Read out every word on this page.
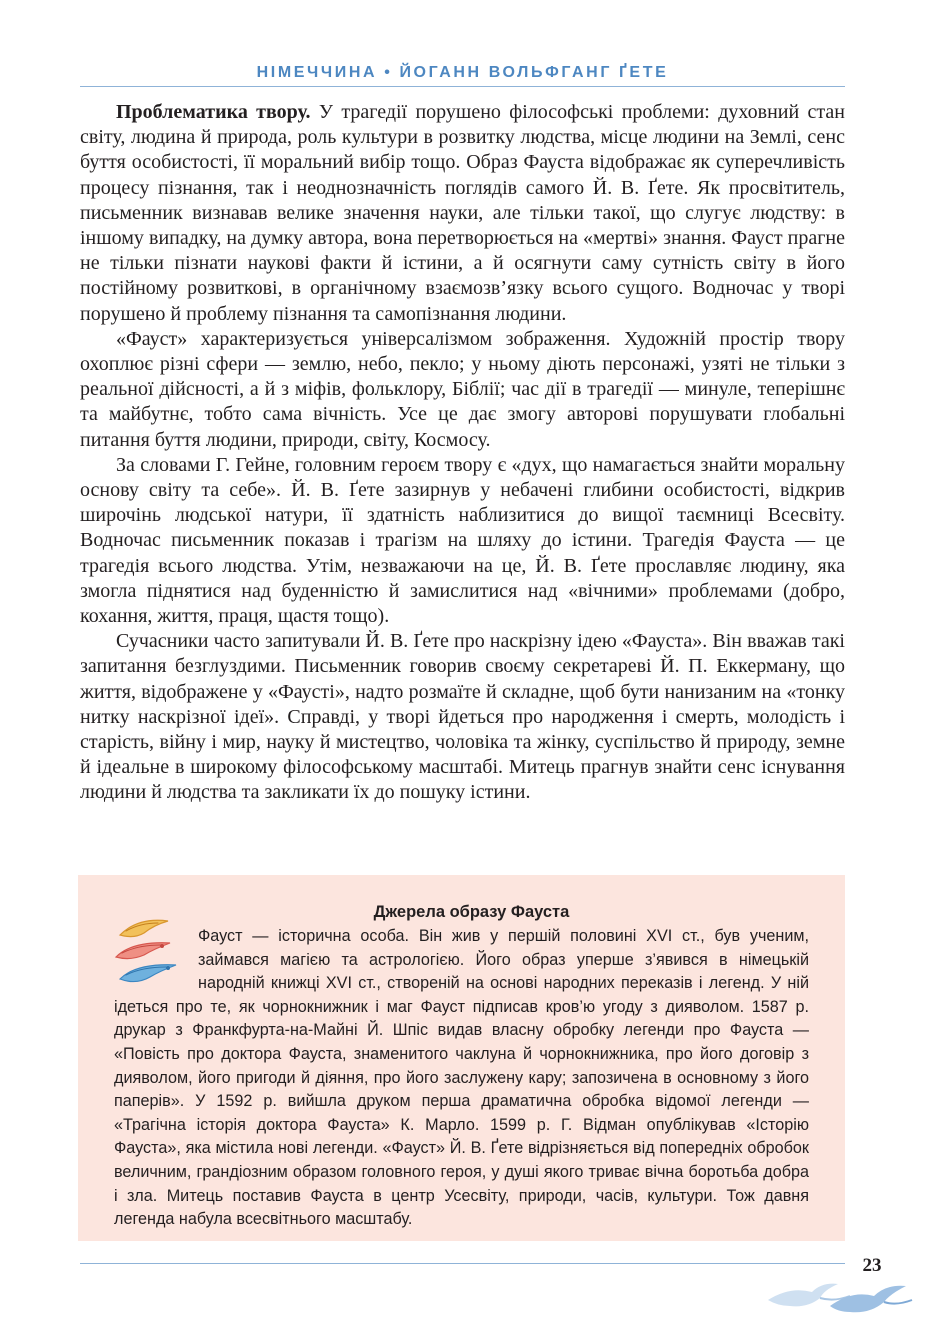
НІМЕЧЧИНА • ЙОГАНН ВОЛЬФГАНГ ҐЕТЕ

Проблематика твору. У трагедії порушено філософські проблеми: духовний стан світу, людина й природа, роль культури в розвитку людства, місце людини на Землі, сенс буття особистості, її моральний вибір тощо. Образ Фауста відображає як суперечливість процесу пізнання, так і неоднозначність поглядів самого Й. В. Ґете. Як просвітитель, письменник визнавав велике значення науки, але тільки такої, що слугує людству: в іншому випадку, на думку автора, вона перетворюється на «мертві» знання. Фауст прагне не тільки пізнати наукові факти й істини, а й осягнути саму сутність світу в його постійному розвиткові, в органічному взаємозв’язку всього сущого. Водночас у творі порушено й проблему пізнання та самопізнання людини.

«Фауст» характеризується універсалізмом зображення. Художній простір твору охоплює різні сфери — землю, небо, пекло; у ньому діють персонажі, узяті не тільки з реальної дійсності, а й з міфів, фольклору, Біблії; час дії в трагедії — минуле, теперішнє та майбутнє, тобто сама вічність. Усе це дає змогу авторові порушувати глобальні питання буття людини, природи, світу, Космосу.

За словами Г. Гейне, головним героєм твору є «дух, що намагається знайти моральну основу світу та себе». Й. В. Ґете зазирнув у небачені глибини особистості, відкрив широчінь людської натури, її здатність наблизитися до вищої таємниці Всесвіту. Водночас письменник показав і трагізм на шляху до істини. Трагедія Фауста — це трагедія всього людства. Утім, незважаючи на це, Й. В. Ґете прославляє людину, яка змогла піднятися над буденністю й замислитися над «вічними» проблемами (добро, кохання, життя, праця, щастя тощо).

Сучасники часто запитували Й. В. Ґете про наскрізну ідею «Фауста». Він вважав такі запитання безглуздими. Письменник говорив своєму секретареві Й. П. Еккерману, що життя, відображене у «Фаусті», надто розмаїте й складне, щоб бути нанизаним на «тонку нитку наскрізної ідеї». Справді, у творі йдеться про народження і смерть, молодість і старість, війну і мир, науку й мистецтво, чоловіка та жінку, суспільство й природу, земне й ідеальне в широкому філософському масштабі. Митець прагнув знайти сенс існування людини й людства та закликати їх до пошуку істини.

Джерела образу Фауста
Фауст — історична особа. Він жив у першій половині XVI ст., був ученим, займався магією та астрологією. Його образ уперше з’явився в німецькій народній книжці XVI ст., створеній на основі народних переказів і легенд. У ній ідеться про те, як чорнокнижник і маг Фауст підписав кров’ю угоду з дияволом. 1587 р. друкар з Франкфурта-на-Майні Й. Шпіс видав власну обробку легенди про Фауста — «Повість про доктора Фауста, знаменитого чаклуна й чорнокнижника, про його договір з дияволом, його пригоди й діяння, про його заслужену кару; запозичена в основному з його паперів». У 1592 р. вийшла друком перша драматична обробка відомої легенди — «Трагічна історія доктора Фауста» К. Марло. 1599 р. Г. Відман опублікував «Історію Фауста», яка містила нові легенди. «Фауст» Й. В. Ґете відрізняється від попередніх обробок величним, грандіозним образом головного героя, у душі якого триває вічна боротьба добра і зла. Митець поставив Фауста в центр Усесвіту, природи, часів, культури. Тож давня легенда набула всесвітнього масштабу.
23
